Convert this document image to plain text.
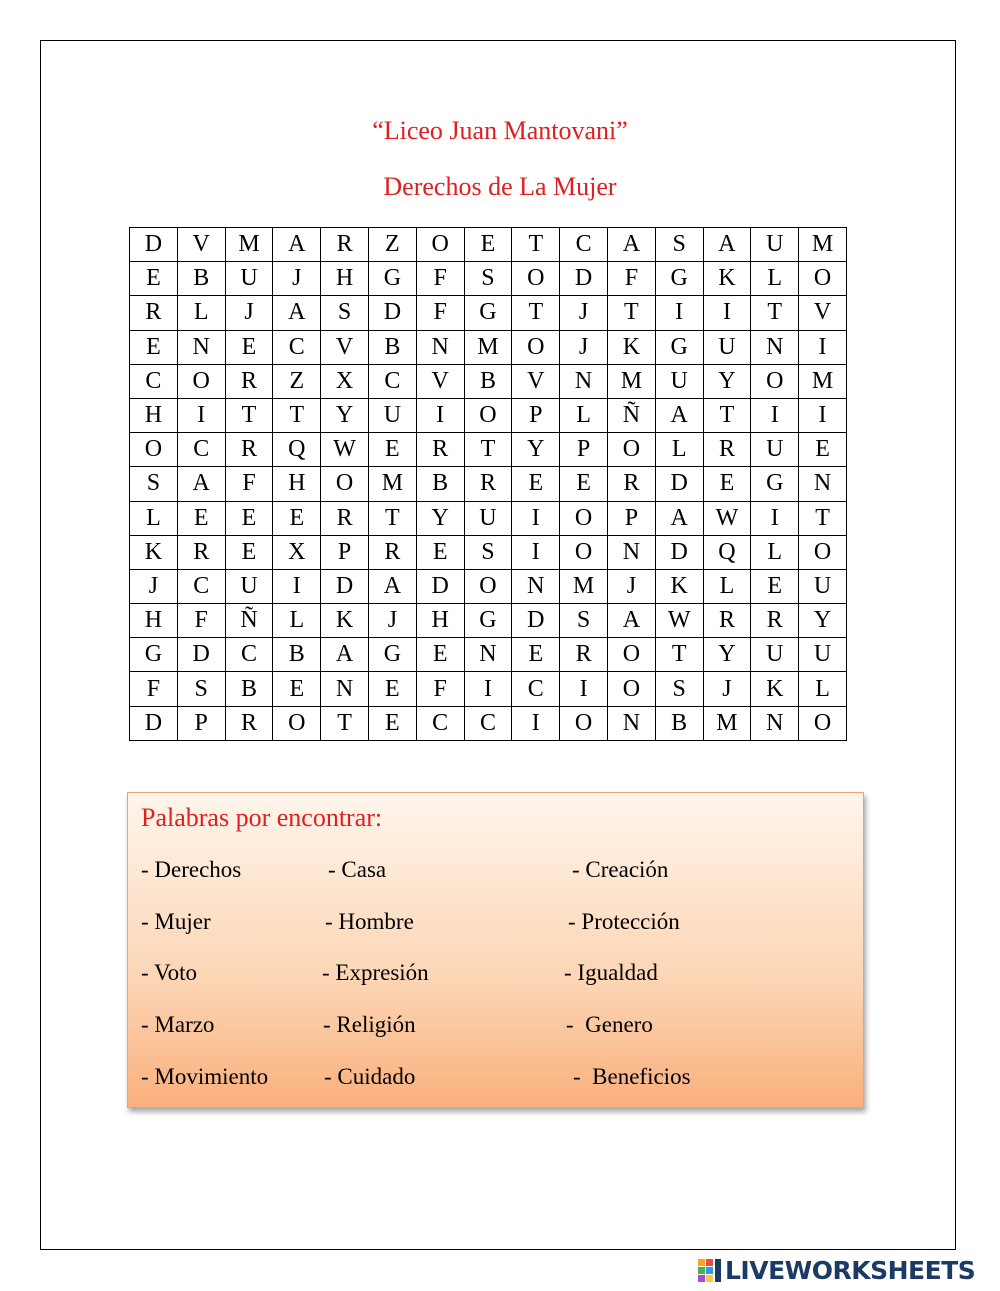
“Liceo Juan Mantovani”
Derechos de La Mujer
D	V	M	A	R	Z	O	E	T	C	A	S	A	U	M
E	B	U	J	H	G	F	S	O	D	F	G	K	L	O
R	L	J	A	S	D	F	G	T	J	T	I	I	T	V
E	N	E	C	V	B	N	M	O	J	K	G	U	N	I
C	O	R	Z	X	C	V	B	V	N	M	U	Y	O	M
H	I	T	T	Y	U	I	O	P	L	Ñ	A	T	I	I
O	C	R	Q	W	E	R	T	Y	P	O	L	R	U	E
S	A	F	H	O	M	B	R	E	E	R	D	E	G	N
L	E	E	E	R	T	Y	U	I	O	P	A	W	I	T
K	R	E	X	P	R	E	S	I	O	N	D	Q	L	O
J	C	U	I	D	A	D	O	N	M	J	K	L	E	U
H	F	Ñ	L	K	J	H	G	D	S	A	W	R	R	Y
G	D	C	B	A	G	E	N	E	R	O	T	Y	U	U
F	S	B	E	N	E	F	I	C	I	O	S	J	K	L
D	P	R	O	T	E	C	C	I	O	N	B	M	N	O
Palabras por encontrar:
- Derechos
- Mujer
- Voto
- Marzo
- Movimiento
- Casa
- Hombre
- Expresión
- Religión
- Cuidado
- Creación
- Protección
- Igualdad
-  Genero
-  Beneficios
LIVEWORKSHEETS
